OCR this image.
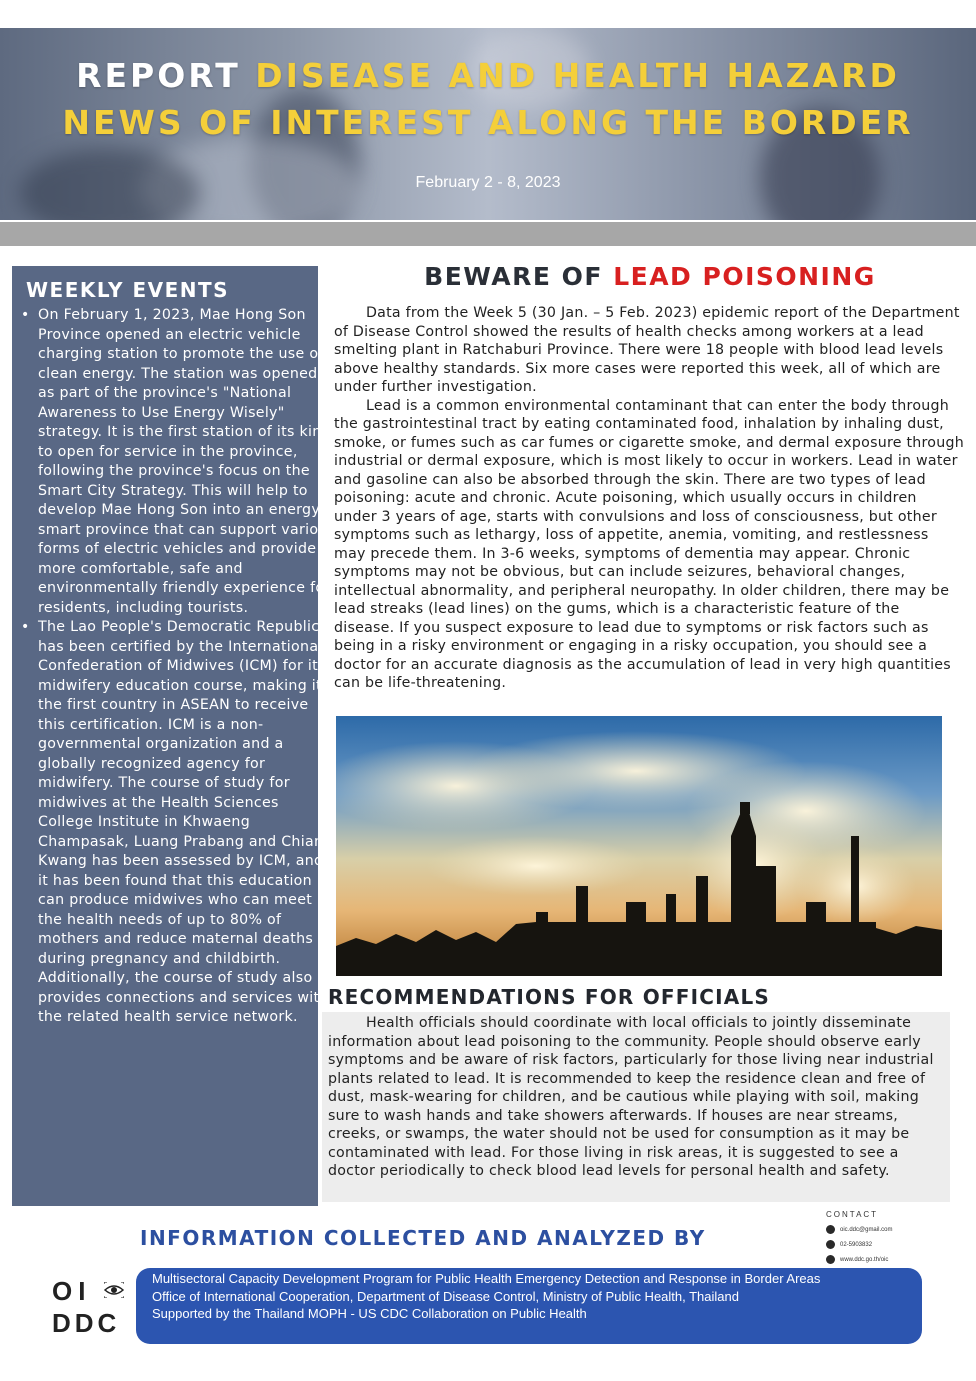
REPORT DISEASE AND HEALTH HAZARD
NEWS OF INTEREST ALONG THE BORDER
February 2 - 8, 2023
WEEKLY EVENTS
• On February 1, 2023, Mae Hong Son Province opened an electric vehicle charging station to promote the use of clean energy. The station was opened as part of the province's "National Awareness to Use Energy Wisely" strategy. It is the first station of its kind to open for service in the province, following the province's focus on the Smart City Strategy. This will help to develop Mae Hong Son into an energy-smart province that can support various forms of electric vehicles and provide a more comfortable, safe and environmentally friendly experience for residents, including tourists.
• The Lao People's Democratic Republic has been certified by the International Confederation of Midwives (ICM) for its midwifery education course, making it the first country in ASEAN to receive this certification. ICM is a non-governmental organization and a globally recognized agency for midwifery. The course of study for midwives at the Health Sciences College Institute in Khwaeng Champasak, Luang Prabang and Chiang Kwang has been assessed by ICM, and it has been found that this education can produce midwives who can meet the health needs of up to 80% of mothers and reduce maternal deaths during pregnancy and childbirth. Additionally, the course of study also provides connections and services with the related health service network.
BEWARE OF LEAD POISONING

Data from the Week 5 (30 Jan. – 5 Feb. 2023) epidemic report of the Department of Disease Control showed the results of health checks among workers at a lead smelting plant in Ratchaburi Province. There were 18 people with blood lead levels above healthy standards. Six more cases were reported this week, all of which are under further investigation.

Lead is a common environmental contaminant that can enter the body through the gastrointestinal tract by eating contaminated food, inhalation by inhaling dust, smoke, or fumes such as car fumes or cigarette smoke, and dermal exposure through industrial or dermal exposure, which is most likely to occur in workers. Lead in water and gasoline can also be absorbed through the skin. There are two types of lead poisoning: acute and chronic. Acute poisoning, which usually occurs in children under 3 years of age, starts with convulsions and loss of consciousness, but other symptoms such as lethargy, loss of appetite, anemia, vomiting, and restlessness may precede them. In 3-6 weeks, symptoms of dementia may appear. Chronic symptoms may not be obvious, but can include seizures, behavioral changes, intellectual abnormality, and peripheral neuropathy. In older children, there may be lead streaks (lead lines) on the gums, which is a characteristic feature of the disease. If you suspect exposure to lead due to symptoms or risk factors such as being in a risky environment or engaging in a risky occupation, you should see a doctor for an accurate diagnosis as the accumulation of lead in very high quantities can be life-threatening.

RECOMMENDATIONS FOR OFFICIALS

Health officials should coordinate with local officials to jointly disseminate information about lead poisoning to the community. People should observe early symptoms and be aware of risk factors, particularly for those living near industrial plants related to lead. It is recommended to keep the residence clean and free of dust, mask-wearing for children, and be cautious while playing with soil, making sure to wash hands and take showers afterwards. If houses are near streams, creeks, or swamps, the water should not be used for consumption as it may be contaminated with lead. For those living in risk areas, it is suggested to see a doctor periodically to check blood lead levels for personal health and safety.

INFORMATION COLLECTED AND ANALYZED BY
CONTACT
oic.ddc@gmail.com
02-5903832
www.ddc.go.th/oic
OI
DDC
Multisectoral Capacity Development Program for Public Health Emergency Detection and Response in Border Areas
Office of International Cooperation, Department of Disease Control, Ministry of Public Health, Thailand
Supported by the Thailand MOPH - US CDC Collaboration on Public Health
